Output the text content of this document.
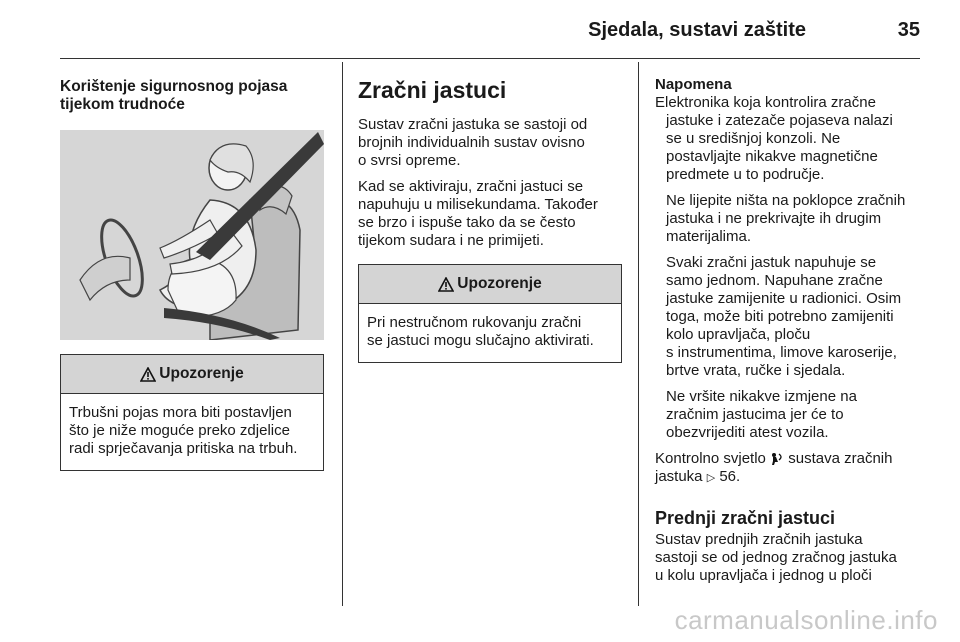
Sjedala, sustavi zaštite	35
Korištenje sigurnosnog pojasa
tijekom trudnoće
Upozorenje
Trbušni pojas mora biti postavljen
što je niže moguće preko zdjelice
radi sprječavanja pritiska na trbuh.
Zračni jastuci

Sustav zračni jastuka se sastoji od
brojnih individualnih sustav ovisno
o svrsi opreme.

Kad se aktiviraju, zračni jastuci se
napuhuju u milisekundama. Također
se brzo i ispuše tako da se često
tijekom sudara i ne primijeti.

Upozorenje
Pri nestručnom rukovanju zračni
se jastuci mogu slučajno aktivirati.
Napomena

Elektronika koja kontrolira zračne
jastuke i zatezače pojaseva nalazi
se u središnjoj konzoli. Ne
postavljajte nikakve magnetične
predmete u to područje.

Ne lijepite ništa na poklopce zračnih
jastuka i ne prekrivajte ih drugim
materijalima.

Svaki zračni jastuk napuhuje se
samo jednom. Napuhane zračne
jastuke zamijenite u radionici. Osim
toga, može biti potrebno zamijeniti
kolo upravljača, ploču
s instrumentima, limove karoserije,
brtve vrata, ručke i sjedala.

Ne vršite nikakve izmjene na
zračnim jastucima jer će to
obezvrijediti atest vozila.

Kontrolno svjetlo sustava zračnih
jastuka ▷ 56.

Prednji zračni jastuci

Sustav prednjih zračnih jastuka
sastoji se od jednog zračnog jastuka
u kolu upravljača i jednog u ploči

carmanualsonline.info
